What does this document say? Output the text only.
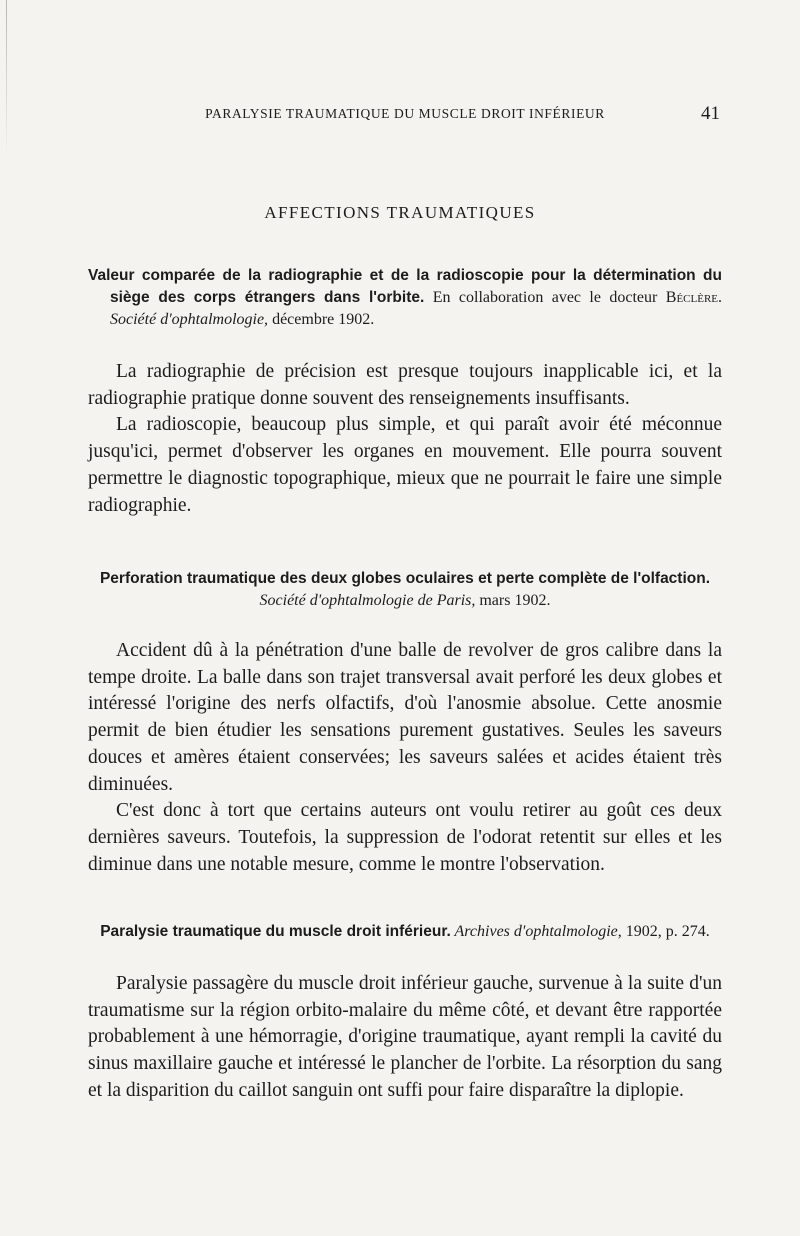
PARALYSIE TRAUMATIQUE DU MUSCLE DROIT INFÉRIEUR	41
AFFECTIONS TRAUMATIQUES

Valeur comparée de la radiographie et de la radioscopie pour la détermination du siège des corps étrangers dans l'orbite. En collaboration avec le docteur Béclère. Société d'ophtalmologie, décembre 1902.

La radiographie de précision est presque toujours inapplicable ici, et la radiographie pratique donne souvent des renseignements insuffisants.

La radioscopie, beaucoup plus simple, et qui paraît avoir été méconnue jusqu'ici, permet d'observer les organes en mouvement. Elle pourra souvent permettre le diagnostic topographique, mieux que ne pourrait le faire une simple radiographie.

Perforation traumatique des deux globes oculaires et perte complète de l'olfaction. Société d'ophtalmologie de Paris, mars 1902.

Accident dû à la pénétration d'une balle de revolver de gros calibre dans la tempe droite. La balle dans son trajet transversal avait perforé les deux globes et intéressé l'origine des nerfs olfactifs, d'où l'anosmie absolue. Cette anosmie permit de bien étudier les sensations purement gustatives. Seules les saveurs douces et amères étaient conservées; les saveurs salées et acides étaient très diminuées.

C'est donc à tort que certains auteurs ont voulu retirer au goût ces deux dernières saveurs. Toutefois, la suppression de l'odorat retentit sur elles et les diminue dans une notable mesure, comme le montre l'observation.

Paralysie traumatique du muscle droit inférieur. Archives d'ophtalmologie, 1902, p. 274.

Paralysie passagère du muscle droit inférieur gauche, survenue à la suite d'un traumatisme sur la région orbito-malaire du même côté, et devant être rapportée probablement à une hémorragie, d'origine traumatique, ayant rempli la cavité du sinus maxillaire gauche et intéressé le plancher de l'orbite. La résorption du sang et la disparition du caillot sanguin ont suffi pour faire disparaître la diplopie.
